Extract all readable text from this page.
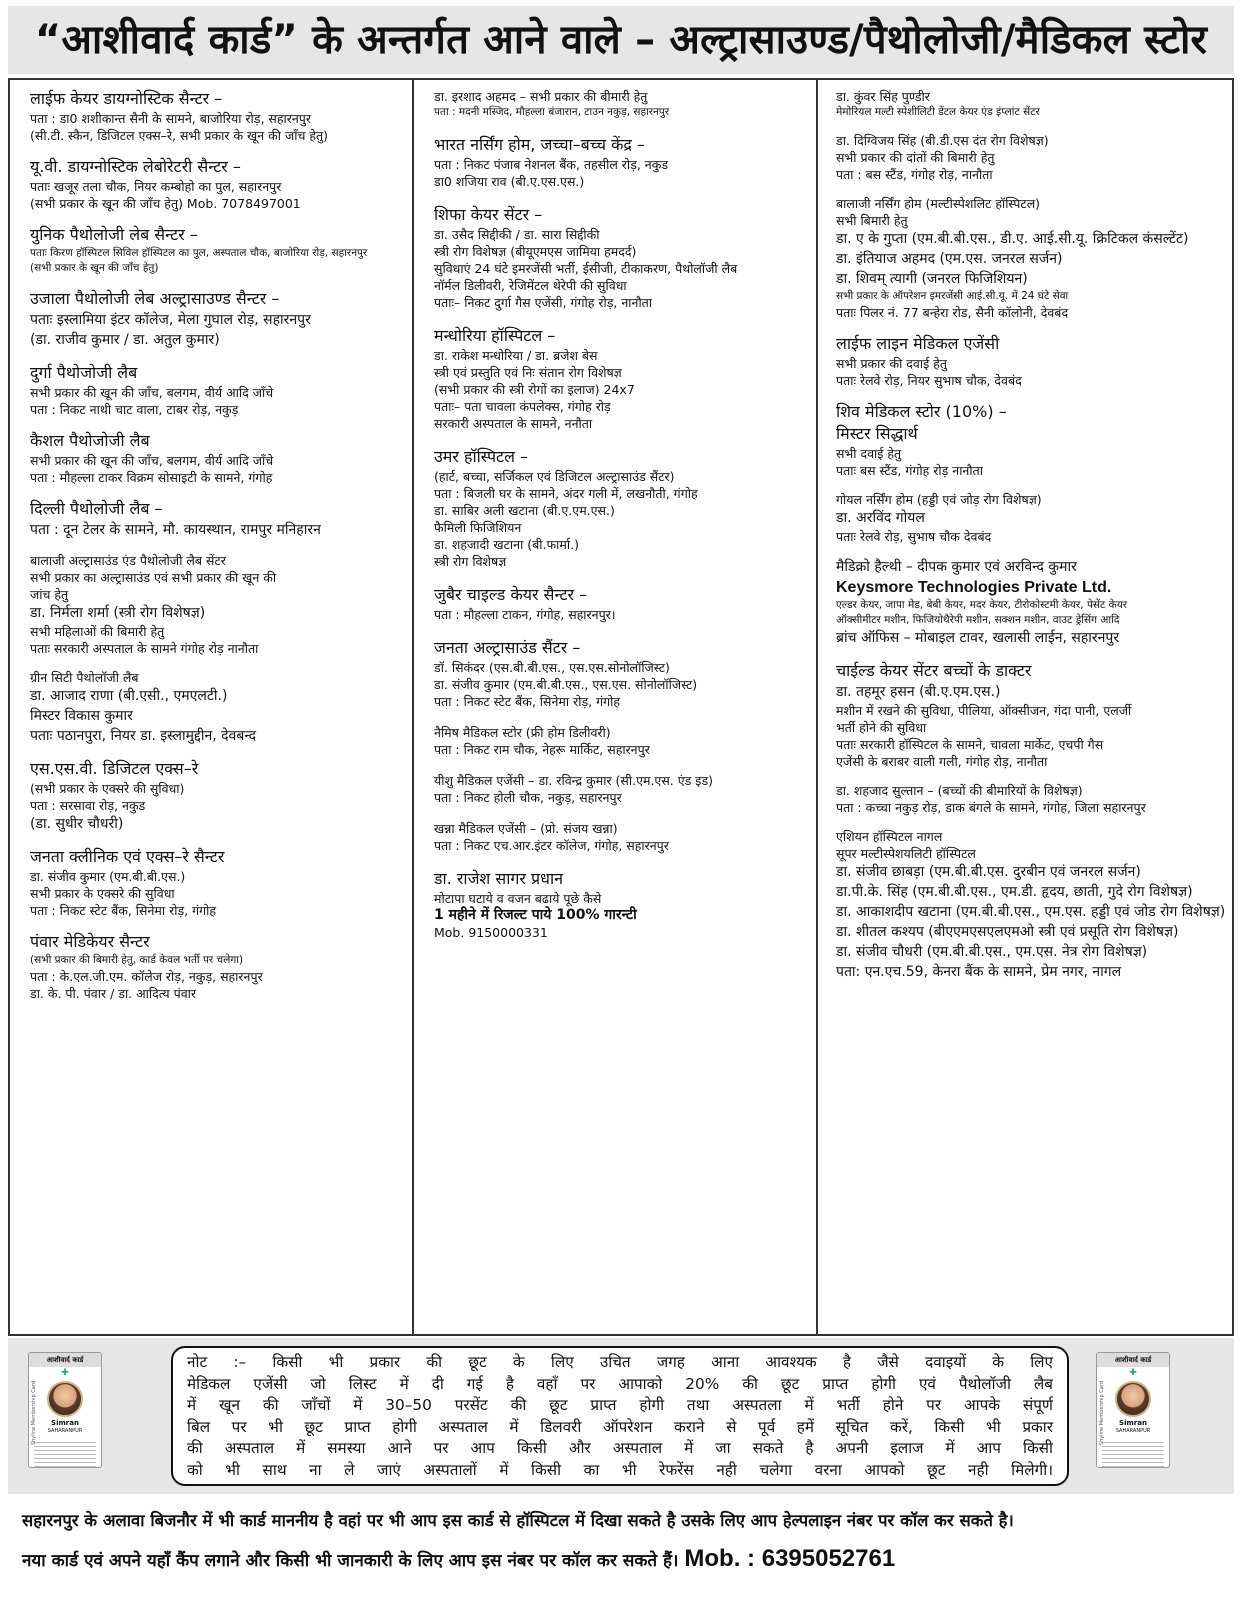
“आशीवार्द कार्ड” के अन्तर्गत आने वाले – अल्ट्रासाउण्ड/पैथोलोजी/मैडिकल स्टोर
लाईफ केयर डायग्नोस्टिक सैन्टर –
पता : डा0 शशीकान्त सैनी के सामने, बाजोरिया रोड़, सहारनपुर
(सी.टी. स्कैन, डिजिटल एक्स–रे, सभी प्रकार के खून की जाँच हेतु)
यू.वी. डायग्नोस्टिक लेबोरेटरी सैन्टर –
पताः खजूर तला चौक, नियर कम्बोहो का पुल, सहारनपुर
(सभी प्रकार के खून की जाँच हेतु) Mob. 7078497001
युनिक पैथोलोजी लेब सैन्टर –
पताः किरण हॉस्पिटल सिविल हॉस्पिटल का पुल, अस्पताल चौक, बाजोरिया रोड़, सहारनपुर
(सभी प्रकार के खून की जाँच हेतु)
उजाला पैथोलोजी लेब अल्ट्रासाउण्ड सैन्टर –
पताः इस्लामिया इंटर कॉलेज, मेला गुघाल रोड़, सहारनपुर
(डा. राजीव कुमार / डा. अतुल कुमार)
दुर्गा पैथोजोजी लैब
सभी प्रकार की खून की जाँच, बलगम, वीर्य आदि जाँचे
पता : निकट नाथी चाट वाला, टाबर रोड़, नकुड़
कैशल पैथोजोजी लैब
सभी प्रकार की खून की जाँच, बलगम, वीर्य आदि जाँचे
पता : मौहल्ला टाकर विक्रम सोसाइटी के सामने, गंगोह
दिल्ली पैथोलोजी लैब –
पता : दून टेलर के सामने, मौ. कायस्थान, रामपुर मनिहारन
बालाजी अल्ट्रासाउंड एंड पैथोलोजी लैब सेंटर
सभी प्रकार का अल्ट्रासाउंड एवं सभी प्रकार की खून की
जांच हेतु
डा. निर्मला शर्मा (स्त्री रोग विशेषज्ञ)
सभी महिलाओं की बिमारी हेतु
पताः सरकारी अस्पताल के सामने गंगोह रोड़ नानौता
ग्रीन सिटी पैथोलॉजी लैब
डा. आजाद राणा (बी.एसी., एमएलटी.)
मिस्टर विकास कुमार
पताः पठानपुरा, नियर डा. इस्लामुद्दीन, देवबन्द
एस.एस.वी. डिजिटल एक्स–रे
(सभी प्रकार के एक्सरे की सुविधा)
पता : सरसावा रोड़, नकुड
(डा. सुधीर चौधरी)
जनता क्लीनिक एवं एक्स–रे सैन्टर
डा. संजीव कुमार (एम.बी.बी.एस.)
सभी प्रकार के एक्सरे की सुविधा
पता : निकट स्टेट बैंक, सिनेमा रोड़, गंगोह
पंवार मेडिकेयर सैन्टर
(सभी प्रकार की बिमारी हेतु, कार्ड केवल भर्ती पर चलेगा)
पता : के.एल.जी.एम. कॉलेज रोड़, नकुड़, सहारनपुर
डा. के. पी. पंवार / डा. आदित्य पंवार
डा. इरशाद अहमद – सभी प्रकार की बीमारी हेतु
पता : मदनी मस्जिद, मौहल्ला बंजारान, टाउन नकुड़, सहारनपुर
भारत नर्सिंग होम, जच्चा–बच्च केंद्र –
पता : निकट पंजाब नेशनल बैंक, तहसील रोड़, नकुड
डा0 शजिया राव (बी.ए.एस.एस.)
शिफा केयर सेंटर –
डा. उसैद सिद्दीकी / डा. सारा सिद्दीकी
स्त्री रोग विशेषज्ञ (बीयूएमएस जामिया हमदर्द)
सुविधाएं 24 घंटे इमरजेंसी भर्ती, ईसीजी, टीकाकरण, पैथोलॉजी लैब
नॉर्मल डिलीवरी, रेजिमेंटल थेरेपी की सुविधा
पताः– निकट दुर्गा गैस एजेंसी, गंगोह रोड़, नानौता
मन्धोरिया हॉस्पिटल –
डा. राकेश मन्धोरिया / डा. ब्रजेश बेस
स्त्री एवं प्रस्तुति एवं निः संतान रोग विशेषज्ञ
(सभी प्रकार की स्त्री रोगों का इलाज) 24x7
पताः– पता चावला कंपलेक्स, गंगोह रोड़
सरकारी अस्पताल के सामने, ननौता
उमर हॉस्पिटल –
(हार्ट, बच्चा, सर्जिकल एवं डिजिटल अल्ट्रासाउंड सैंटर)
पता : बिजली घर के सामने, अंदर गली में, लखनौती, गंगोह
डा. साबिर अली खटाना (बी.ए.एम.एस.)
फैमिली फिजिशियन
डा. शहजादी खटाना (बी.फार्मा.)
स्त्री रोग विशेषज्ञ
जुबैर चाइल्ड केयर सैन्टर –
पता : मौहल्ला टाकन, गंगोह, सहारनपुर।
जनता अल्ट्रासाउंड सैंटर –
डॉ. सिकंदर (एस.बी.बी.एस., एस.एस.सोनोलॉजिस्ट)
डा. संजीव कुमार (एम.बी.बी.एस., एस.एस. सोनोलॉजिस्ट)
पता : निकट स्टेट बैंक, सिनेमा रोड़, गंगोह
नैमिष मैडिकल स्टोर (फ्री होम डिलीवरी)
पता : निकट राम चौक, नेहरू मार्किट, सहारनपुर
यीशु मैडिकल एजेंसी – डा. रविन्द्र कुमार (सी.एम.एस. एंड इड)
पता : निकट होली चौक, नकुड़, सहारनपुर
खन्ना मैडिकल एजेंसी – (प्रो. संजय खन्ना)
पता : निकट एच.आर.इंटर कॉलेज, गंगोह, सहारनपुर
डा. राजेश सागर प्रधान
मोटापा घटाये व वजन बढाये पूछे कैसे
1 महीने में रिजल्ट पाये 100% गारन्टी
Mob. 9150000331
डा. कुंवर सिंह पुण्डीर
मेमोरियल मल्टी स्पेशीलिटी डेंटल केयर एंड इंप्लांट सेंटर
डा. दिग्विजय सिंह (बी.डी.एस दंत रोग विशेषज्ञ)
सभी प्रकार की दांतों की बिमारी हेतु
पता : बस स्टैंड, गंगोह रोड़, नानौता
बालाजी नर्सिंग होम (मल्टीस्पेशलिट हॉस्पिटल)
सभी बिमारी हेतु
डा. ए के गुप्ता (एम.बी.बी.एस., डी.ए. आई.सी.यू. क्रिटिकल कंसल्टेंट)
डा. इंतियाज अहमद (एम.एस. जनरल सर्जन)
डा. शिवम् त्यागी (जनरल फिजिशियन)
सभी प्रकार के ऑपरेशन इमरजेंसी आई.सी.यू. में 24 घंटे सेवा
पताः पिलर नं. 77 बन्हेरा रोड, सैनी कॉलोनी, देवबंद
लाईफ लाइन मेडिकल एजेंसी
सभी प्रकार की दवाई हेतु
पताः रेलवे रोड़, नियर सुभाष चौक, देवबंद
शिव मेडिकल स्टोर (10%) –
मिस्टर सिद्धार्थ
सभी दवाई हेतु
पताः बस स्टैंड, गंगोह रोड़ नानौता
गोयल नर्सिंग होम (हड्डी एवं जोड़ रोग विशेषज्ञ)
डा. अरविंद गोयल
पताः रेलवे रोड़, सुभाष चौक देवबंद
मैडिक्रो हैल्थी – दीपक कुमार एवं अरविन्द कुमार
Keysmore Technologies Private Ltd.
एल्डर केयर, जापा मेड, बेबी केयर, मदर केयर, टीरोकोस्टमी केयर, पेसेंट केयर
ऑक्सीमीटर मशीन, फिजियोथैरेपी मशीन, सक्शन मशीन, वाउट ड्रेसिंग आदि
ब्रांच ऑफिस – मोबाइल टावर, खलासी लाईन, सहारनपुर
चाईल्ड केयर सेंटर बच्चों के डाक्टर
डा. तहमूर हसन (बी.ए.एम.एस.)
मशीन में रखने की सुविधा, पीलिया, ऑक्सीजन, गंदा पानी, एलर्जी
भर्ती होने की सुविधा
पताः सरकारी हॉस्पिटल के सामने, चावला मार्केट, एचपी गैस
एजेंसी के बराबर वाली गली, गंगोह रोड़, नानौता
डा. शहजाद सुल्तान – (बच्चों की बीमारियों के विशेषज्ञ)
पता : कच्चा नकुड़ रोड़, डाक बंगले के सामने, गंगोह, जिला सहारनपुर
एशियन हॉस्पिटल नागल
सूपर मल्टीस्पेशयलिटी हॉस्पिटल
डा. संजीव छाबड़ा (एम.बी.बी.एस. दुरबीन एवं जनरल सर्जन)
डा.पी.के. सिंह (एम.बी.बी.एस., एम.डी. हृदय, छाती, गुदे रोग विशेषज्ञ)
डा. आकाशदीप खटाना (एम.बी.बी.एस., एम.एस. हड्डी एवं जोड रोग विशेषज्ञ)
डा. शीतल कश्यप (बीएएमएसएलएमओ स्त्री एवं प्रसूति रोग विशेषज्ञ)
डा. संजीव चौधरी (एम.बी.बी.एस., एम.एस. नेत्र रोग विशेषज्ञ)
पता: एन.एच.59, केनरा बैंक के सामने, प्रेम नगर, नागल
आशीवार्द कार्ड
✚
Simran
SAHARANPUR
Shyline Membership Card
नोट :– किसी भी प्रकार की छूट के लिए उचित जगह आना आवश्यक है जैसे दवाइयों के लिए
मेडिकल एजेंसी जो लिस्ट में दी गई है वहाँ पर आपाको 20% की छूट प्राप्त होगी एवं पैथोलॉजी लैब
में खून की जाँचों में 30–50 परसेंट की छूट प्राप्त होगी तथा अस्पतला में भर्ती होने पर आपके संपूर्ण
बिल पर भी छूट प्राप्त होगी अस्पताल में डिलवरी ऑपरेशन कराने से पूर्व हमें सूचित करें, किसी भी प्रकार
की अस्पताल में समस्या आने पर आप किसी और अस्पताल में जा सकते है अपनी इलाज में आप किसी
को भी साथ ना ले जाएं अस्पतालों में किसी का भी रेफरेंस नही चलेगा वरना आपको छूट नही मिलेगी।
आशीवार्द कार्ड
✚
Simran
SAHARANPUR
Shyline Membership Card
सहारनपुर के अलावा बिजनौर में भी कार्ड माननीय है वहां पर भी आप इस कार्ड से हॉस्पिटल में दिखा सकते है उसके लिए आप हेल्पलाइन नंबर पर कॉल कर सकते है।
नया कार्ड एवं अपने यहाँ कैंप लगाने और किसी भी जानकारी के लिए आप इस नंबर पर कॉल कर सकते हैं। Mob. : 6395052761
